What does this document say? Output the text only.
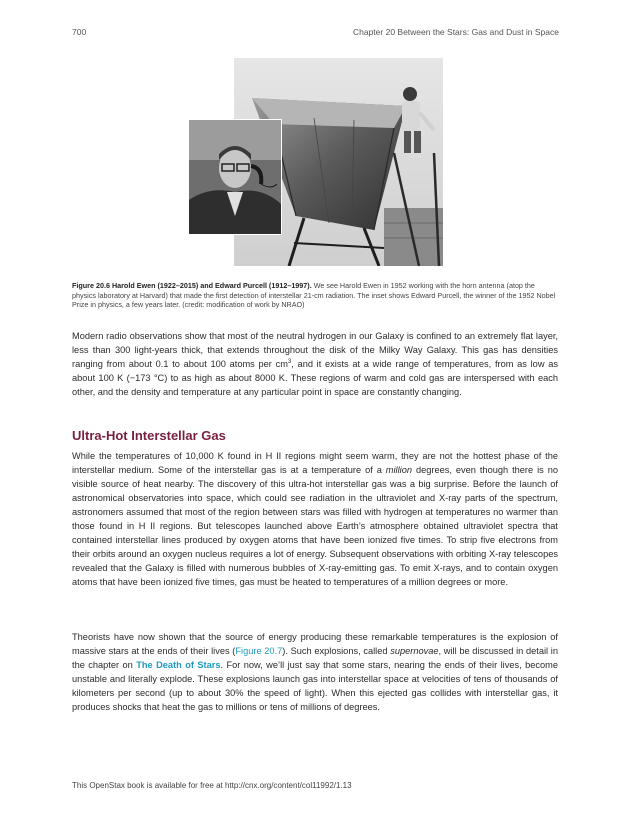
700	Chapter 20 Between the Stars: Gas and Dust in Space
Figure 20.6 Harold Ewen (1922–2015) and Edward Purcell (1912–1997). We see Harold Ewen in 1952 working with the horn antenna (atop the physics laboratory at Harvard) that made the first detection of interstellar 21-cm radiation. The inset shows Edward Purcell, the winner of the 1952 Nobel Prize in physics, a few years later. (credit: modification of work by NRAO)

Modern radio observations show that most of the neutral hydrogen in our Galaxy is confined to an extremely flat layer, less than 300 light-years thick, that extends throughout the disk of the Milky Way Galaxy. This gas has densities ranging from about 0.1 to about 100 atoms per $cm^3$, and it exists at a wide range of temperatures, from as low as about 100 K (−173 °C) to as high as about 8000 K. These regions of warm and cold gas are interspersed with each other, and the density and temperature at any particular point in space are constantly changing.

Ultra-Hot Interstellar Gas

While the temperatures of 10,000 K found in H II regions might seem warm, they are not the hottest phase of the interstellar medium. Some of the interstellar gas is at a temperature of a million degrees, even though there is no visible source of heat nearby. The discovery of this ultra-hot interstellar gas was a big surprise. Before the launch of astronomical observatories into space, which could see radiation in the ultraviolet and X-ray parts of the spectrum, astronomers assumed that most of the region between stars was filled with hydrogen at temperatures no warmer than those found in H II regions. But telescopes launched above Earth’s atmosphere obtained ultraviolet spectra that contained interstellar lines produced by oxygen atoms that have been ionized five times. To strip five electrons from their orbits around an oxygen nucleus requires a lot of energy. Subsequent observations with orbiting X-ray telescopes revealed that the Galaxy is filled with numerous bubbles of X-ray-emitting gas. To emit X-rays, and to contain oxygen atoms that have been ionized five times, gas must be heated to temperatures of a million degrees or more.

Theorists have now shown that the source of energy producing these remarkable temperatures is the explosion of massive stars at the ends of their lives (Figure 20.7). Such explosions, called supernovae, will be discussed in detail in the chapter on The Death of Stars. For now, we’ll just say that some stars, nearing the ends of their lives, become unstable and literally explode. These explosions launch gas into interstellar space at velocities of tens of thousands of kilometers per second (up to about 30% the speed of light). When this ejected gas collides with interstellar gas, it produces shocks that heat the gas to millions or tens of millions of degrees.

This OpenStax book is available for free at http://cnx.org/content/col11992/1.13
